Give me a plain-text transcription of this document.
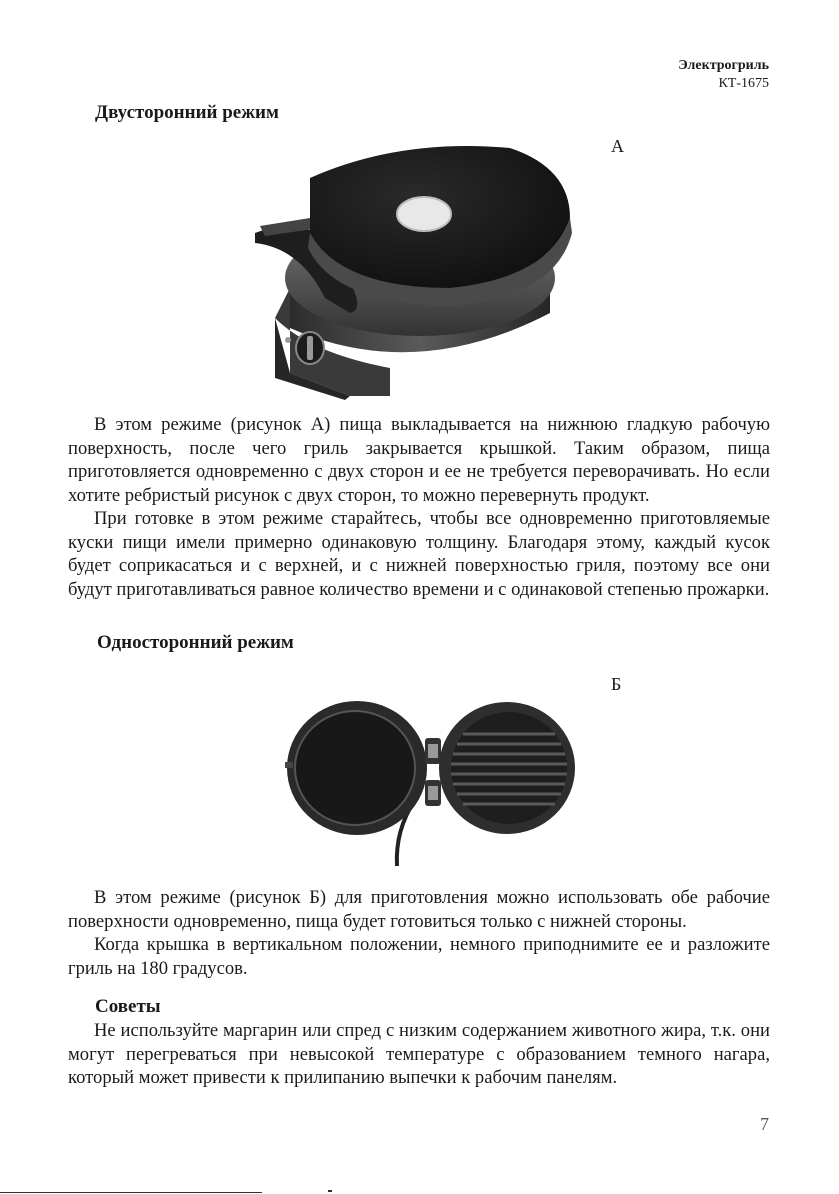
Электрогриль
КТ-1675
Двусторонний режим
А

В этом режиме (рисунок А) пища выкладывается на нижнюю гладкую рабочую поверхность, после чего гриль закрывается крышкой. Таким образом, пища приготовляется одновременно с двух сторон и ее не требуется переворачивать. Но если хотите ребристый рисунок с двух сторон, то можно перевернуть продукт.

При готовке в этом режиме старайтесь, чтобы все одновременно приготовляемые куски пищи имели примерно одинаковую толщину. Благодаря этому, каждый кусок будет соприкасаться и с верхней, и с нижней поверхностью гриля, поэтому все они будут приготавливаться равное количество времени и с одинаковой степенью прожарки.

Односторонний режим
Б

В этом режиме (рисунок Б) для приготовления можно использовать обе рабочие поверхности одновременно, пища будет готовиться только с нижней стороны.

Когда крышка в вертикальном положении, немного приподнимите ее и разложите гриль на 180 градусов.

Советы

Не используйте маргарин или спред с низким содержанием животного жира, т.к. они могут перегреваться при невысокой температуре с образованием темного нагара, который может привести к прилипанию выпечки к рабочим панелям.

7
